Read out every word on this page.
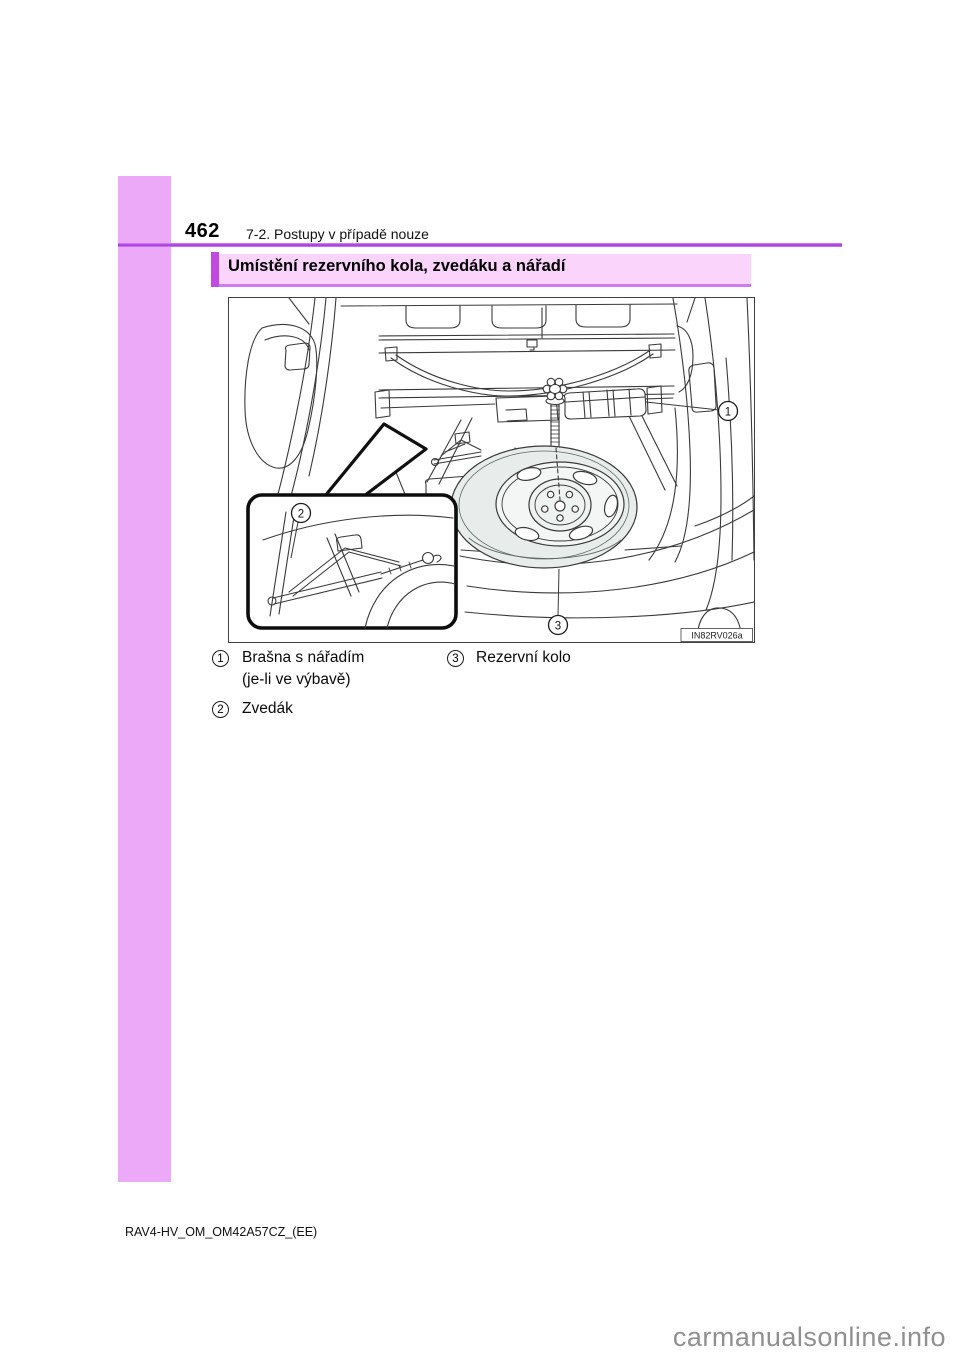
462 7-2. Postupy v případě nouze
Umístění rezervního kola, zvedáku a nářadí
2
1
3
IN82RV026a
1	Brašna s nářadím
(je-li ve výbavě)
2	Zvedák
3	Rezervní kolo
RAV4-HV_OM_OM42A57CZ_(EE)
carmanualsonline.info
